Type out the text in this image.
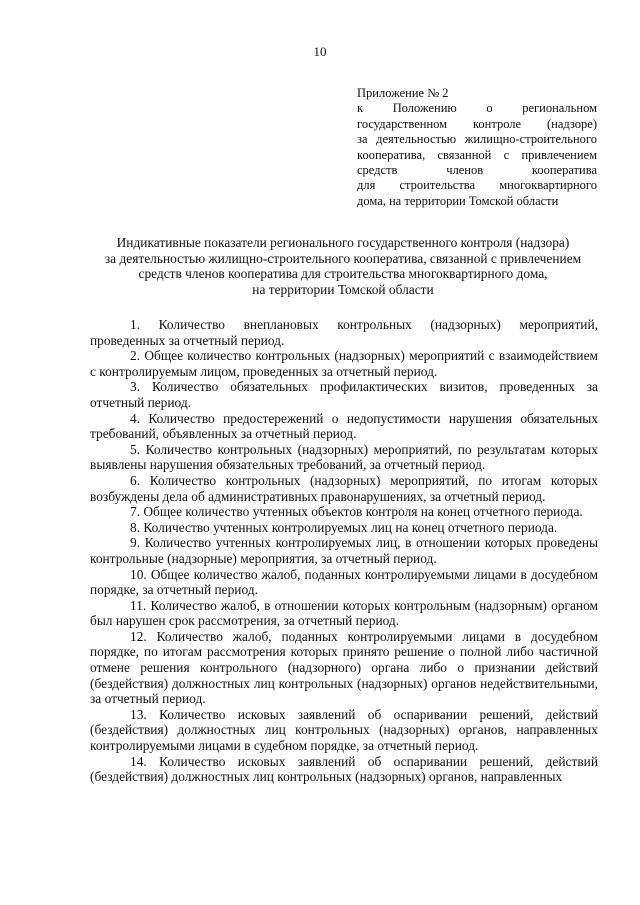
10
Приложение № 2
к Положению о региональном
государственном контроле (надзоре)
за деятельностью жилищно-строительного
кооператива, связанной с привлечением
средств членов кооператива
для строительства многоквартирного
дома, на территории Томской области
Индикативные показатели регионального государственного контроля (надзора)
за деятельностью жилищно-строительного кооператива, связанной с привлечением
средств членов кооператива для строительства многоквартирного дома,
на территории Томской области

1. Количество внеплановых контрольных (надзорных) мероприятий, проведенных за отчетный период.

2. Общее количество контрольных (надзорных) мероприятий с взаимодействием с контролируемым лицом, проведенных за отчетный период.

3. Количество обязательных профилактических визитов, проведенных за отчетный период.

4. Количество предостережений о недопустимости нарушения обязательных требований, объявленных за отчетный период.

5. Количество контрольных (надзорных) мероприятий, по результатам которых выявлены нарушения обязательных требований, за отчетный период.

6. Количество контрольных (надзорных) мероприятий, по итогам которых возбуждены дела об административных правонарушениях, за отчетный период.

7. Общее количество учтенных объектов контроля на конец отчетного периода.

8. Количество учтенных контролируемых лиц на конец отчетного периода.

9. Количество учтенных контролируемых лиц, в отношении которых проведены контрольные (надзорные) мероприятия, за отчетный период.

10. Общее количество жалоб, поданных контролируемыми лицами в досудебном порядке, за отчетный период.

11. Количество жалоб, в отношении которых контрольным (надзорным) органом был нарушен срок рассмотрения, за отчетный период.

12. Количество жалоб, поданных контролируемыми лицами в досудебном порядке, по итогам рассмотрения которых принято решение о полной либо частичной отмене решения контрольного (надзорного) органа либо о признании действий (бездействия) должностных лиц контрольных (надзорных) органов недействительными, за отчетный период.

13. Количество исковых заявлений об оспаривании решений, действий (бездействия) должностных лиц контрольных (надзорных) органов, направленных контролируемыми лицами в судебном порядке, за отчетный период.

14. Количество исковых заявлений об оспаривании решений, действий (бездействия) должностных лиц контрольных (надзорных) органов, направленных
